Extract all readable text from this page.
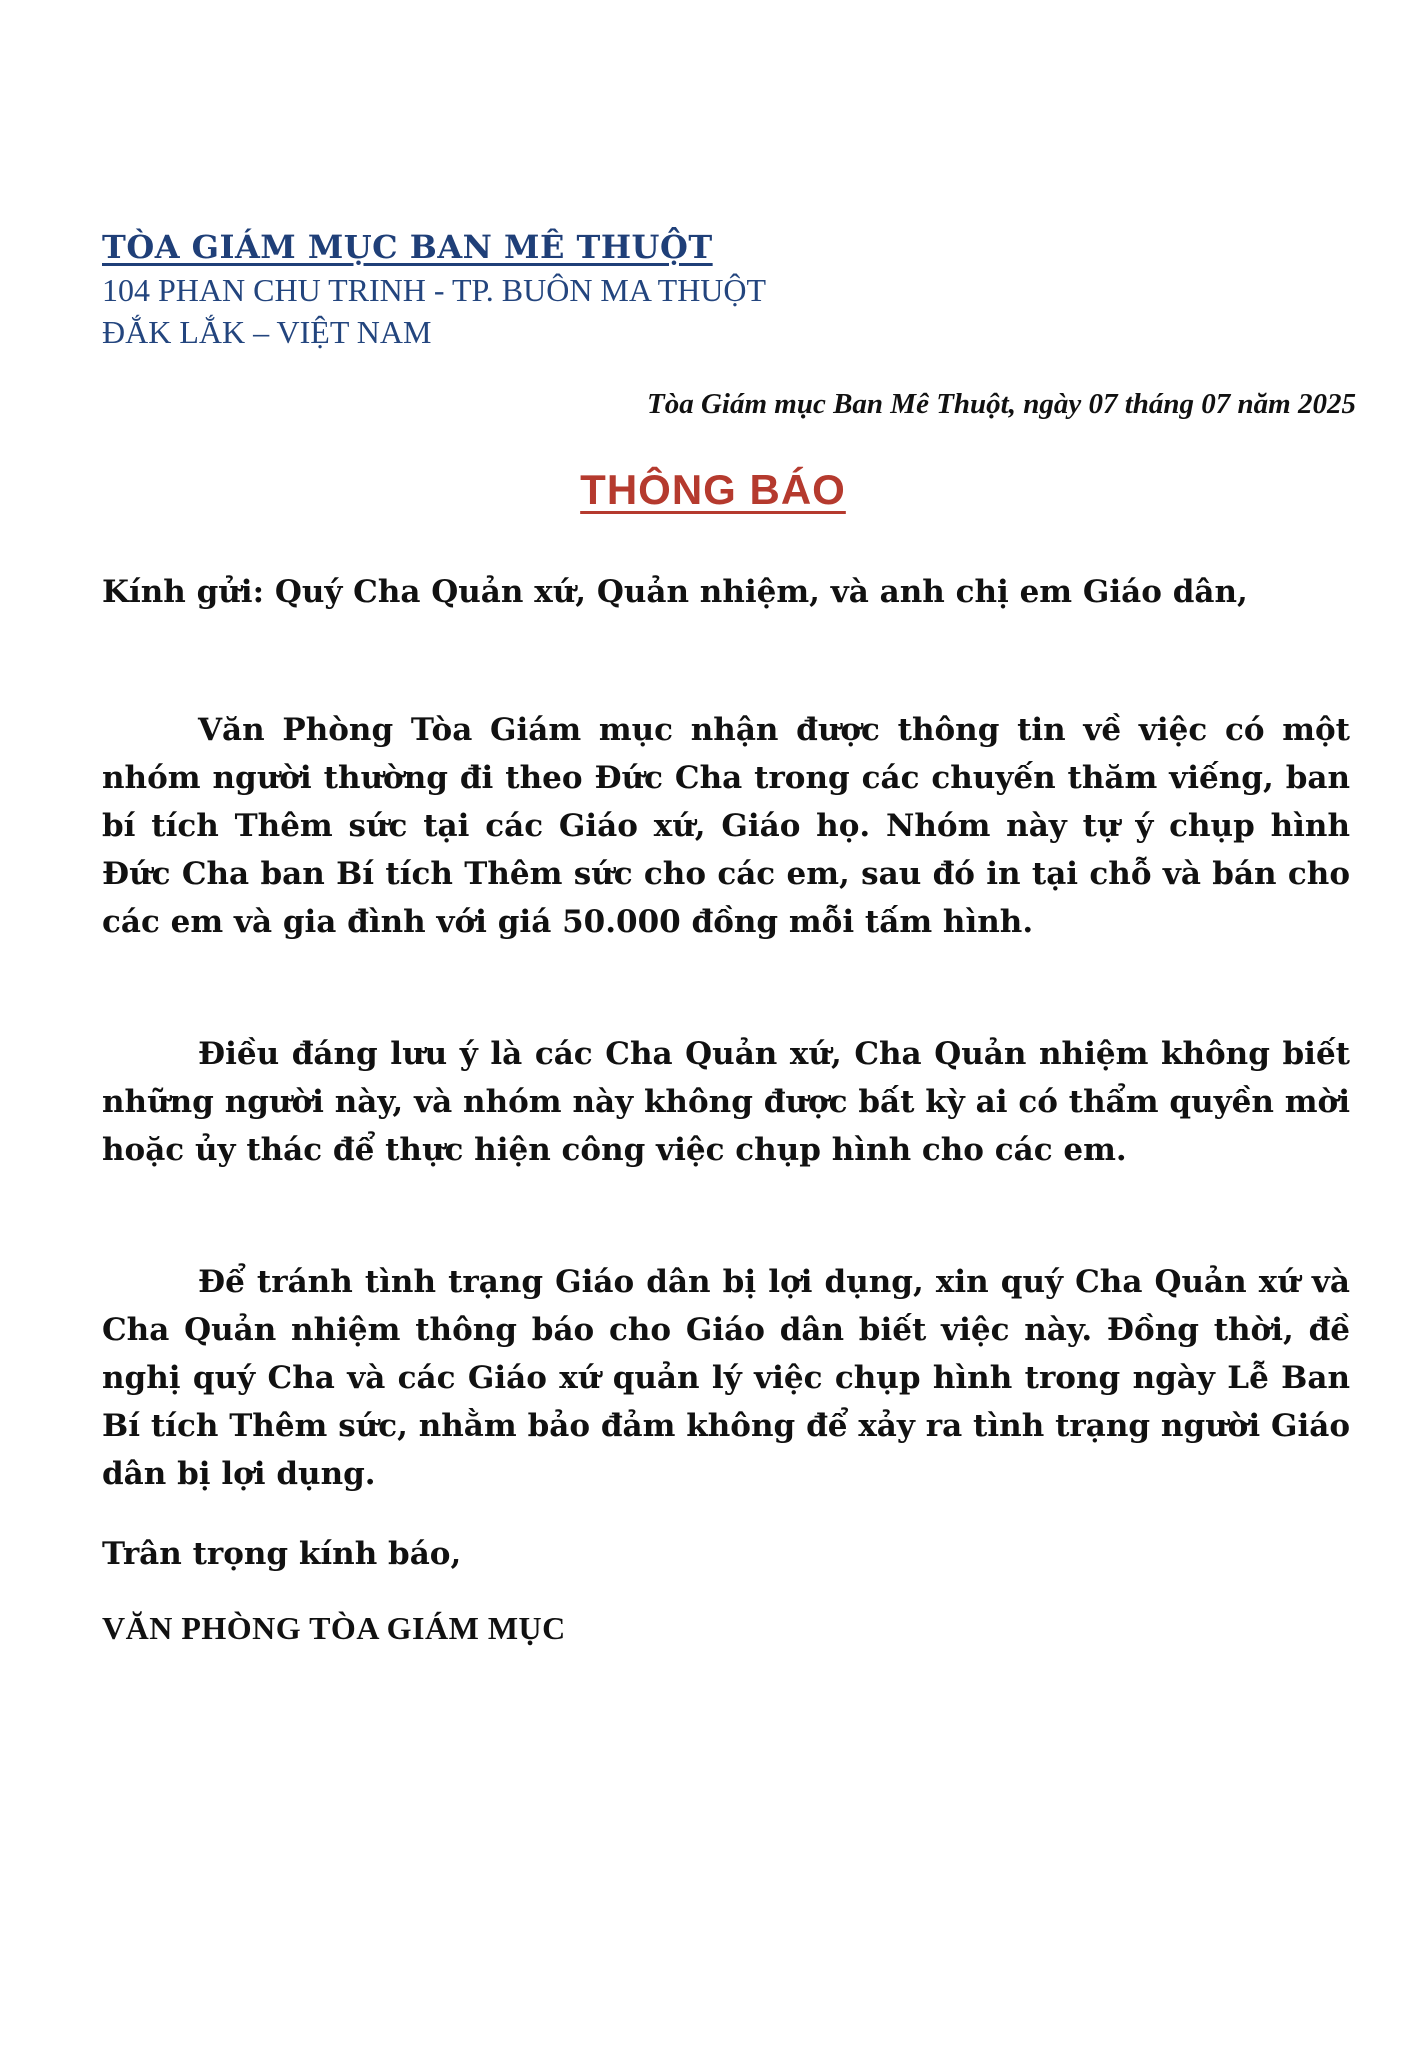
TÒA GIÁM MỤC BAN MÊ THUỘT
104 PHAN CHU TRINH - TP. BUÔN MA THUỘT
ĐẮK LẮK – VIỆT NAM
Tòa Giám mục Ban Mê Thuột, ngày 07 tháng 07 năm 2025
THÔNG BÁO
Kính gửi: Quý Cha Quản xứ, Quản nhiệm, và anh chị em Giáo dân,

Văn Phòng Tòa Giám mục nhận được thông tin về việc có một nhóm người thường đi theo Đức Cha trong các chuyến thăm viếng, ban bí tích Thêm sức tại các Giáo xứ, Giáo họ. Nhóm này tự ý chụp hình Đức Cha ban Bí tích Thêm sức cho các em, sau đó in tại chỗ và bán cho các em và gia đình với giá 50.000 đồng mỗi tấm hình.

Điều đáng lưu ý là các Cha Quản xứ, Cha Quản nhiệm không biết những người này, và nhóm này không được bất kỳ ai có thẩm quyền mời hoặc ủy thác để thực hiện công việc chụp hình cho các em.

Để tránh tình trạng Giáo dân bị lợi dụng, xin quý Cha Quản xứ và Cha Quản nhiệm thông báo cho Giáo dân biết việc này. Đồng thời, đề nghị quý Cha và các Giáo xứ quản lý việc chụp hình trong ngày Lễ Ban Bí tích Thêm sức, nhằm bảo đảm không để xảy ra tình trạng người Giáo dân bị lợi dụng.

Trân trọng kính báo,
VĂN PHÒNG TÒA GIÁM MỤC
